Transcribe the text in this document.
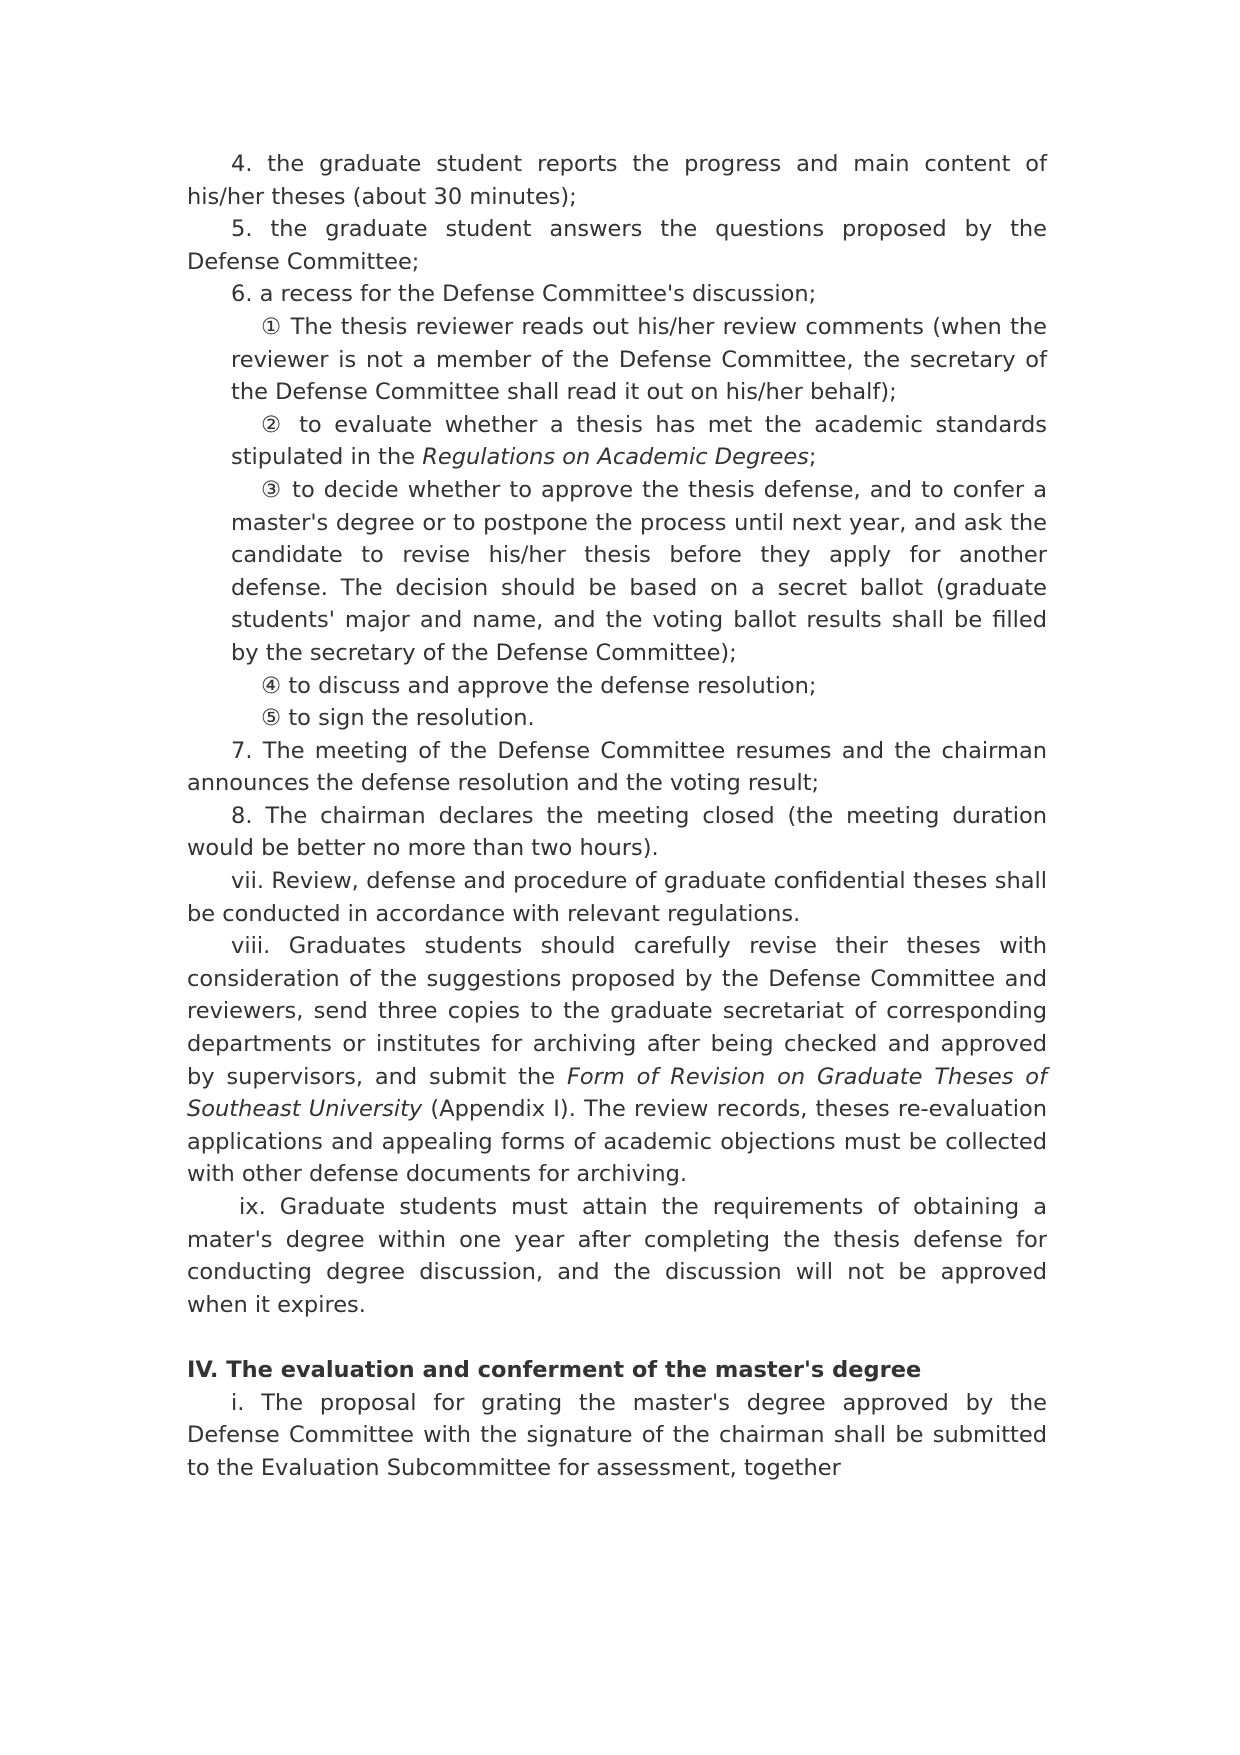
4. the graduate student reports the progress and main content of his/her theses (about 30 minutes);

5. the graduate student answers the questions proposed by the Defense Committee;

6. a recess for the Defense Committee's discussion;

① The thesis reviewer reads out his/her review comments (when the reviewer is not a member of the Defense Committee, the secretary of the Defense Committee shall read it out on his/her behalf);

② to evaluate whether a thesis has met the academic standards stipulated in the Regulations on Academic Degrees;

③ to decide whether to approve the thesis defense, and to confer a master's degree or to postpone the process until next year, and ask the candidate to revise his/her thesis before they apply for another defense. The decision should be based on a secret ballot (graduate students' major and name, and the voting ballot results shall be filled by the secretary of the Defense Committee);

④ to discuss and approve the defense resolution;

⑤ to sign the resolution.

7. The meeting of the Defense Committee resumes and the chairman announces the defense resolution and the voting result;

8. The chairman declares the meeting closed (the meeting duration would be better no more than two hours).

vii. Review, defense and procedure of graduate confidential theses shall be conducted in accordance with relevant regulations.

viii. Graduates students should carefully revise their theses with consideration of the suggestions proposed by the Defense Committee and reviewers, send three copies to the graduate secretariat of corresponding departments or institutes for archiving after being checked and approved by supervisors, and submit the Form of Revision on Graduate Theses of Southeast University (Appendix I). The review records, theses re-evaluation applications and appealing forms of academic objections must be collected with other defense documents for archiving.

ix. Graduate students must attain the requirements of obtaining a mater's degree within one year after completing the thesis defense for conducting degree discussion, and the discussion will not be approved when it expires.

IV. The evaluation and conferment of the master's degree

i. The proposal for grating the master's degree approved by the Defense Committee with the signature of the chairman shall be submitted to the Evaluation Subcommittee for assessment, together
